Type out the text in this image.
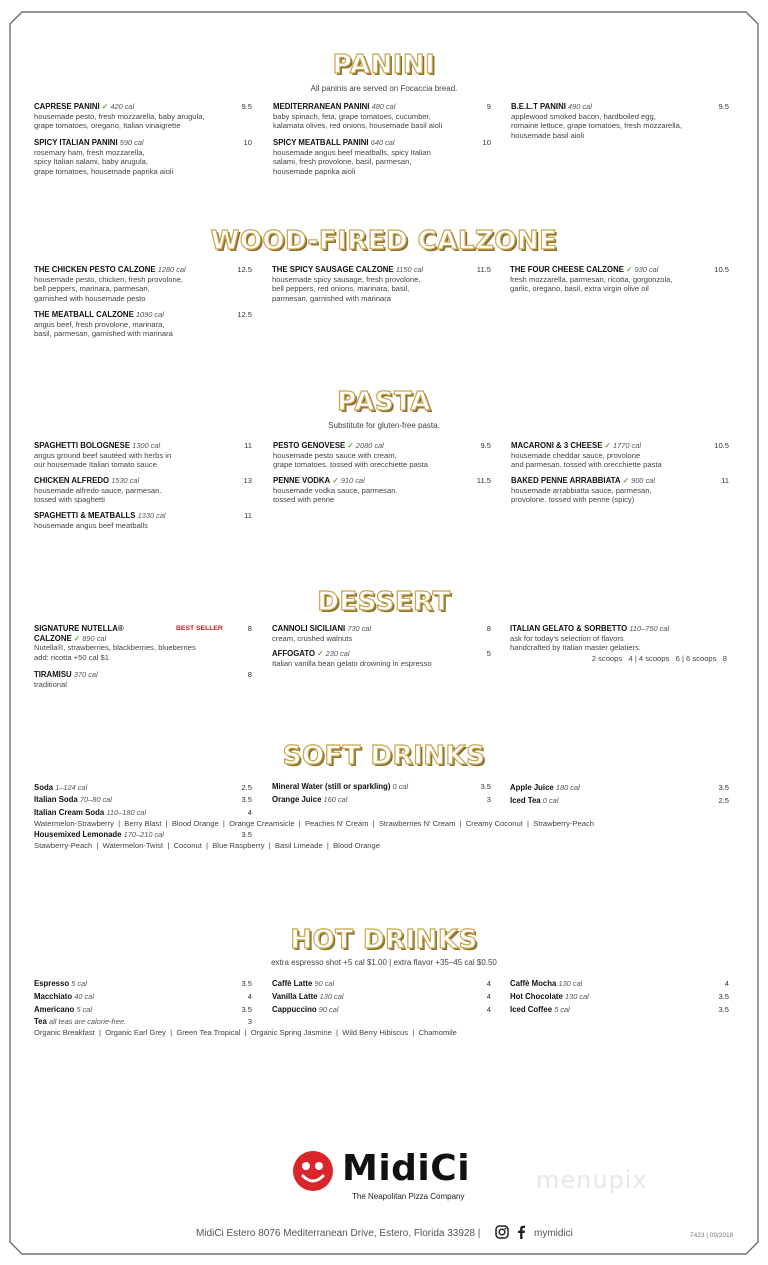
PANINI
All paninis are served on Focaccia bread.
CAPRESE PANINI ✓ 420 cal	9.5
housemade pesto, fresh mozzarella, baby arugula,
grape tomatoes, oregano, Italian vinaigrette
SPICY ITALIAN PANINI 590 cal	10
rosemary ham, fresh mozzarella,
spicy Italian salami, baby arugula,
grape tomatoes, housemade paprika aioli
MEDITERRANEAN PANINI 480 cal	9
baby spinach, feta, grape tomatoes, cucumber,
kalamata olives, red onions, housemade basil aioli
SPICY MEATBALL PANINI 640 cal	10
housemade angus beef meatballs, spicy Italian
salami, fresh provolone, basil, parmesan,
housemade paprika aioli
B.E.L.T PANINI 490 cal	9.5
applewood smoked bacon, hardboiled egg,
romaine lettuce, grape tomatoes, fresh mozzarella,
housemade basil aioli
WOOD-FIRED CALZONE
THE CHICKEN PESTO CALZONE 1280 cal	12.5
housemade pesto, chicken, fresh provolone,
bell peppers, marinara, parmesan,
garnished with housemade pesto
THE MEATBALL CALZONE 1090 cal	12.5
angus beef, fresh provolone, marinara,
basil, parmesan, garnished with marinara
THE SPICY SAUSAGE CALZONE 1150 cal	11.5
housemade spicy sausage, fresh provolone,
bell peppers, red onions, marinara, basil,
parmesan, garnished with marinara
THE FOUR CHEESE CALZONE ✓ 930 cal	10.5
fresh mozzarella, parmesan, ricotta, gorgonzola,
garlic, oregano, basil, extra virgin olive oil
PASTA
Substitute for gluten-free pasta.
SPAGHETTI BOLOGNESE 1300 cal	11
angus ground beef sautéed with herbs in
our housemade Italian tomato sauce
CHICKEN ALFREDO 1530 cal	13
housemade alfredo sauce, parmesan.
tossed with spaghetti
SPAGHETTI & MEATBALLS 1330 cal	11
housemade angus beef meatballs
PESTO GENOVESE ✓ 2080 cal	9.5
housemade pesto sauce with cream,
grape tomatoes. tossed with orecchiette pasta
PENNE VODKA ✓ 910 cal	11.5
housemade vodka sauce, parmesan.
tossed with penne
MACARONI & 3 CHEESE ✓ 1770 cal	10.5
housemade cheddar sauce, provolone
and parmesan. tossed with orecchiette pasta
BAKED PENNE ARRABBIATA ✓ 900 cal	11
housemade arrabbiatta sauce, parmesan,
provolone. tossed with penne (spicy)
DESSERT
SIGNATURE NUTELLA®	BEST SELLER	8
CALZONE ✓ 890 cal
Nutella®, strawberries, blackberries, blueberries
add: ricotta +50 cal $1
TIRAMISU 370 cal	8
traditional
CANNOLI SICILIANI 730 cal	8
cream, crushed walnuts
AFFOGATO ✓ 230 cal	5
Italian vanilla bean gelato drowning in espresso
ITALIAN GELATO & SORBETTO 110–750 cal
ask for today's selection of flavors
handcrafted by Italian master gelatiers.
2 scoops   4 | 4 scoops   6 | 6 scoops   8
SOFT DRINKS
Soda 1–124 cal	2.5
Italian Soda 70–80 cal	3.5
Italian Cream Soda 110–180 cal	4
Watermelon-Strawberry  |  Berry Blast  |  Blood Orange  |  Orange Creamsicle  |  Peaches N' Cream  |  Strawberries N' Cream  |  Creamy Coconut  |  Strawberry-Peach
Housemixed Lemonade 170–210 cal	3.5
Stawberry-Peach  |  Watermelon-Twist  |  Coconut  |  Blue Raspberry  |  Basil Limeade  |  Blood Orange
Mineral Water (still or sparkling) 0 cal	3.5
Orange Juice 160 cal	3
Apple Juice 180 cal	3.5
Iced Tea 0 cal	2.5
HOT DRINKS
extra espresso shot +5 cal $1.00 | extra flavor +35–45 cal $0.50
Espresso 5 cal	3.5
Macchiato 40 cal	4
Americano 5 cal	3.5
Tea all teas are calorie-free.	3
Organic Breakfast  |  Organic Earl Grey  |  Green Tea Tropical  |  Organic Spring Jasmine  |  Wild Berry Hibiscus  |  Chamomile
Caffè Latte 90 cal	4
Vanilla Latte 130 cal	4
Cappuccino 90 cal	4
Caffè Mocha 130 cal	4
Hot Chocolate 130 cal	3.5
Iced Coffee 5 cal	3.5
MidiCi
The Neapolitan Pizza Company
menupix
MidiCi Estero 8076 Mediterranean Drive, Estero, Florida 33928 |	mymidici	7423 | 09/2018
